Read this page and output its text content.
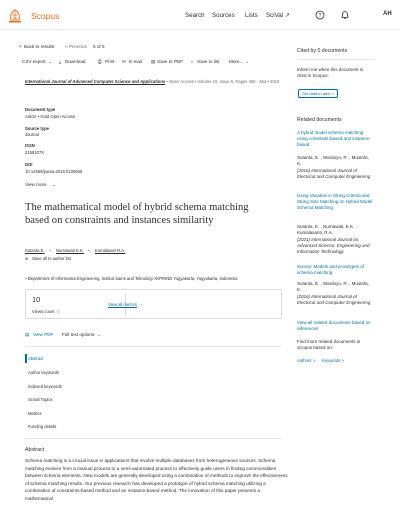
Scopus	Search Sources Lists SciVal ↗	?	AH
< Back to results < Previous 5 of 5
CSV export ⌄ ⤓ Download	⎙ Print ✉ E-mail ▤ Save to PDF ☆ Save to list More... ⌄
International Journal of Advanced Computer Science and Applications • Open Access • Volume 10, Issue 6, Pages 459 - 464 • 2019
Document type
Article • Gold Open Access
Source type
Journal
ISSN
2158107X
DOI
10.14569/ijacsa.2019.0100659
View more ⌄
The mathematical model of hybrid schema matching based on constraints and instances similarity
Sutanta E. ᵃ, Nurnawati E.K. ᵃ, Kumalasari R.A.
⊕ Save all to author list
ᵃ Department of Informatics Engineering, Institut Sains and Teknologi AKPRIND Yogyakarta, Yogyakarta, Indonesia
10
Views count ⓘ
View all metrics ›
▤ View PDF Full text options ⌄
Abstract
Author keywords
Indexed keywords
SciVal Topics
Metrics
Funding details
Abstract
Schema matching is a crucial issue in applications that involve multiple databases from heterogeneous sources. Schema matching evolves from a manual process to a semi-automated process to effectively guide users in finding commonalities between schema elements. New models are generally developed using a combination of methods to improve the effectiveness of schema matching results. Our previous research has developed a prototype of hybrid schema matching utilizing a combination of constraints-based method and an instance-based method. The innovation of this paper presents a mathematical
Cited by 0 documents
Inform me when this document is cited in Scopus:
Set citation alert >
Related documents
A hybrid model schema matching using constraint-based and instance-based
Sutanta, E. , Wardoyo, R. , Mustofa, K.
(2016) International Journal of Electrical and Computer Engineering
Using Variation in String Criteria and String Size Matching on Hybrid Model Schema Matching
Sutanta, E. , Nurnawati, E.K. , Kumalasanti, R.A.
(2021) International Journal on Advanced Science, Engineering and Information Technology
Survey: Models and prototypes of schema matching
Sutanta, E. , Wardoyo, R. , Mustofa, K.
(2016) International Journal of Electrical and Computer Engineering
View all related documents based on references
Find more related documents in Scopus based on:
Authors > Keywords >
